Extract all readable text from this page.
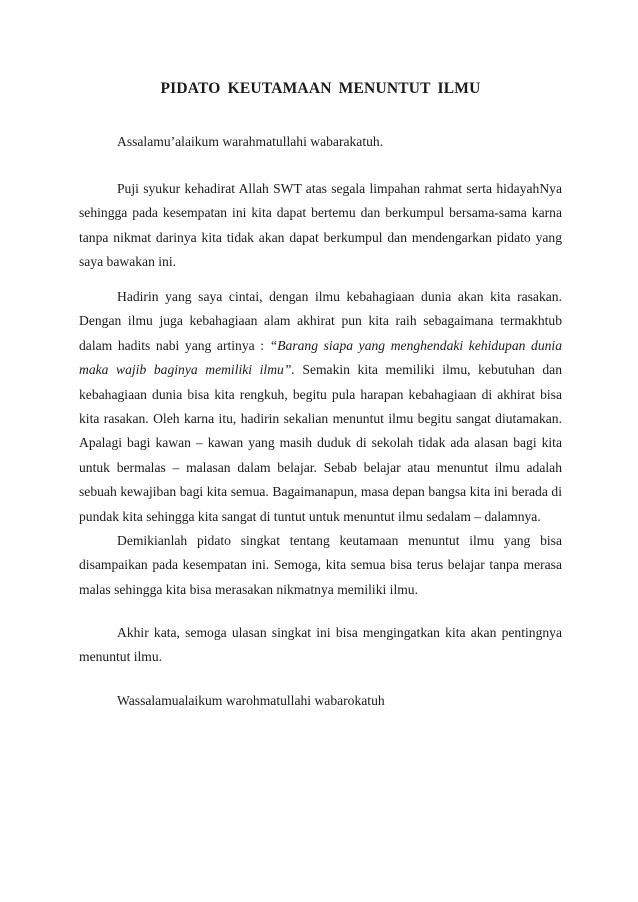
PIDATO KEUTAMAAN MENUNTUT ILMU

Assalamu’alaikum warahmatullahi wabarakatuh.

Puji syukur kehadirat Allah SWT atas segala limpahan rahmat serta hidayahNya sehingga pada kesempatan ini kita dapat bertemu dan berkumpul bersama-sama karna tanpa nikmat darinya kita tidak akan dapat berkumpul dan mendengarkan pidato yang saya bawakan ini.

Hadirin yang saya cintai, dengan ilmu kebahagiaan dunia akan kita rasakan. Dengan ilmu juga kebahagiaan alam akhirat pun kita raih sebagaimana termakhtub dalam hadits nabi yang artinya : “Barang siapa yang menghendaki kehidupan dunia maka wajib baginya memiliki ilmu”. Semakin kita memiliki ilmu, kebutuhan dan kebahagiaan dunia bisa kita rengkuh, begitu pula harapan kebahagiaan di akhirat bisa kita rasakan. Oleh karna itu, hadirin sekalian menuntut ilmu begitu sangat diutamakan. Apalagi bagi kawan – kawan yang masih duduk di sekolah tidak ada alasan bagi kita untuk bermalas – malasan dalam belajar. Sebab belajar atau menuntut ilmu adalah sebuah kewajiban bagi kita semua. Bagaimanapun, masa depan bangsa kita ini berada di pundak kita sehingga kita sangat di tuntut untuk menuntut ilmu sedalam – dalamnya.

Demikianlah pidato singkat tentang keutamaan menuntut ilmu yang bisa disampaikan pada kesempatan ini. Semoga, kita semua bisa terus belajar tanpa merasa malas sehingga kita bisa merasakan nikmatnya memiliki ilmu.

Akhir kata, semoga ulasan singkat ini bisa mengingatkan kita akan pentingnya menuntut ilmu.

Wassalamualaikum warohmatullahi wabarokatuh
